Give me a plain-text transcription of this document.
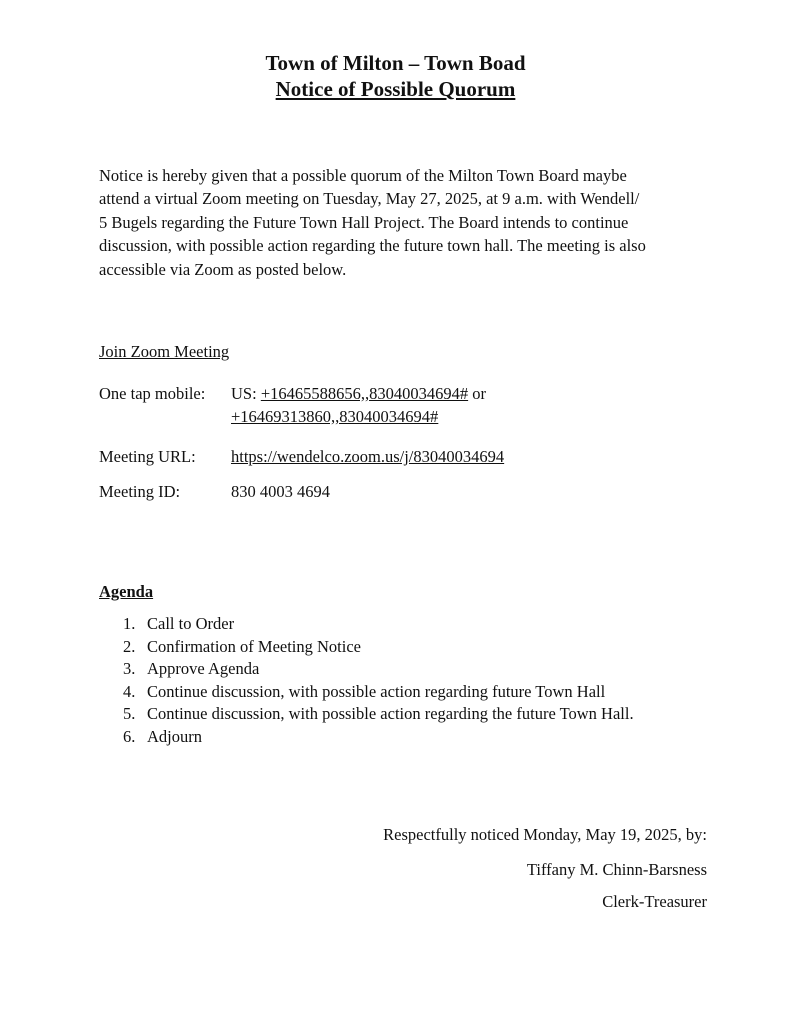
Town of Milton – Town Boad
Notice of Possible Quorum

Notice is hereby given that a possible quorum of the Milton Town Board maybe
attend a virtual Zoom meeting on Tuesday, May 27, 2025, at 9 a.m. with Wendell/
5 Bugels regarding the Future Town Hall Project. The Board intends to continue
discussion, with possible action regarding the future town hall. The meeting is also
accessible via Zoom as posted below.

Join Zoom Meeting
One tap mobile: US: +16465588656,,83040034694# or
+16469313860,,83040034694#
Meeting URL: https://wendelco.zoom.us/j/83040034694
Meeting ID:	830 4003 4694
Agenda
1. Call to Order
2. Confirmation of Meeting Notice
3. Approve Agenda
4. Continue discussion, with possible action regarding future Town Hall
5. Continue discussion, with possible action regarding the future Town Hall.
6. Adjourn
Respectfully noticed Monday, May 19, 2025, by:
Tiffany M. Chinn-Barsness
Clerk-Treasurer
